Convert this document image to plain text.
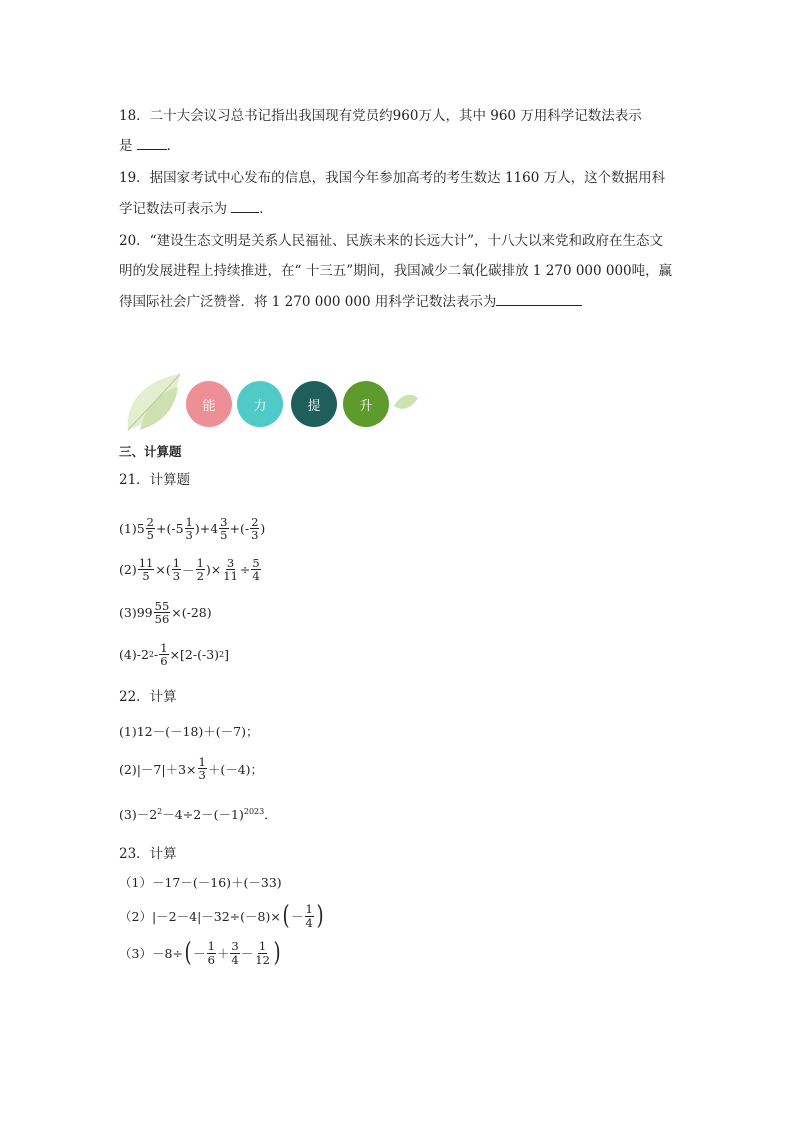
18．二十大会议习总书记指出我国现有党员约960万人，其中 960 万用科学记数法表示
是 ．
19．据国家考试中心发布的信息，我国今年参加高考的考生数达 1160 万人，这个数据用科
学记数法可表示为 ．
20．“建设生态文明是关系人民福祉、民族未来的长远大计”，十八大以来党和政府在生态文
明的发展进程上持续推进，在“ 十三五”期间，我国减少二氧化碳排放 1 270 000 000吨，赢
得国际社会广泛赞誉．将 1 270 000 000 用科学记数法表示为
能	力	提	升
三、计算题
21．计算题
(1) $5 \frac{2}{5} +(-5 \frac{1}{3} )+4 \frac{3}{5}$ +(- $\frac{2}{3}$ )
$(2) \frac{11}{5}$ ×( $\frac{1}{3} - \frac{1}{2}$ )× $\frac{3}{11} \div \frac{5}{4}$
(3) $99 \frac{55}{56} \times(-28)$
(4) -2 $2 - \frac{1}{6} \times[2-(-3)$ 2 ]
22．计算
(1)12－(－18)＋(－7)；
$(2)|-7|+3\times \frac{1}{3} +(-4)$；
$(3)-2^2-4\div 2-(-1)^{2023}$．
23．计算
（1）－17－(－16)＋(－33)
（2）|－2－4|－32÷(－8)× ( － $\frac{1}{4}$ )
（3）－8÷ ( － $\frac{1}{6} + \frac{3}{4} - \frac{1}{12}$ )
